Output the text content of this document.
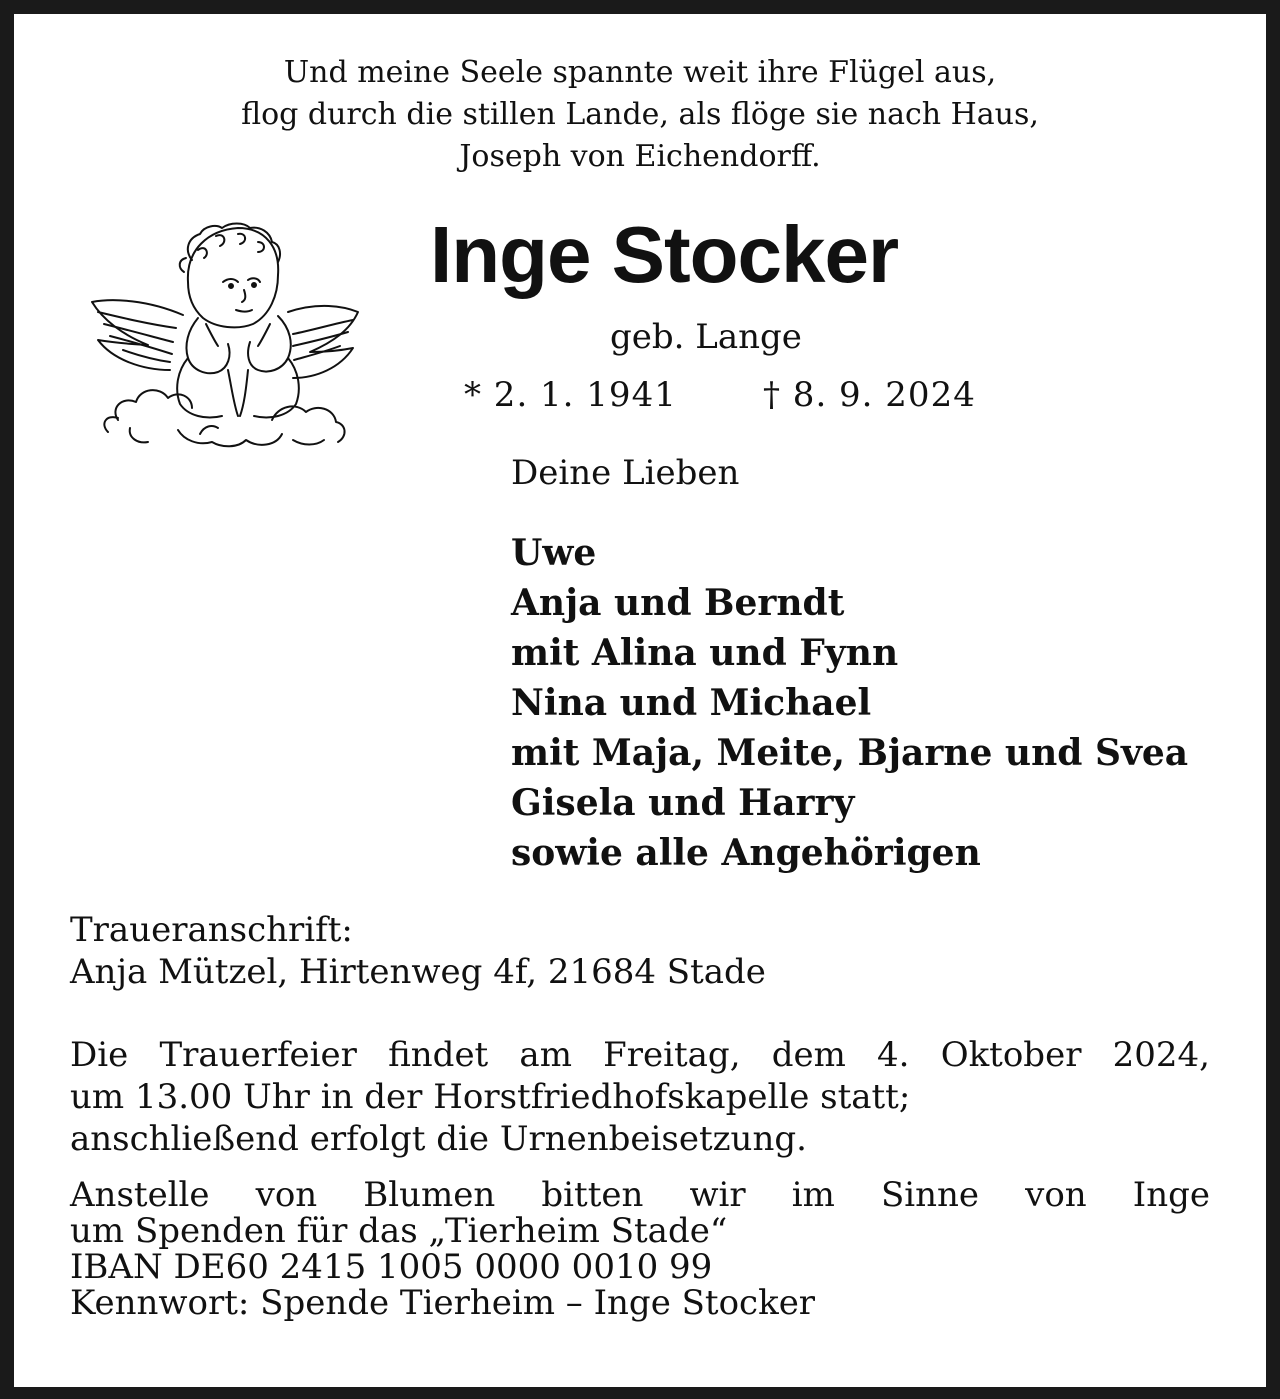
Und meine Seele spannte weit ihre Flügel aus,
flog durch die stillen Lande, als flöge sie nach Haus,
Joseph von Eichendorff.
Inge Stocker
geb. Lange
* 2. 1. 1941	† 8. 9. 2024
Deine Lieben
Uwe
Anja und Berndt
mit Alina und Fynn
Nina und Michael
mit Maja, Meite, Bjarne und Svea
Gisela und Harry
sowie alle Angehörigen
Traueranschrift:
Anja Mützel, Hirtenweg 4f, 21684 Stade
Die Trauerfeier findet am Freitag, dem 4. Oktober 2024,
um 13.00 Uhr in der Horstfriedhofskapelle statt;
anschließend erfolgt die Urnenbeisetzung.
Anstelle von Blumen bitten wir im Sinne von Inge
um Spenden für das „Tierheim Stade“
IBAN DE60 2415 1005 0000 0010 99
Kennwort: Spende Tierheim – Inge Stocker
